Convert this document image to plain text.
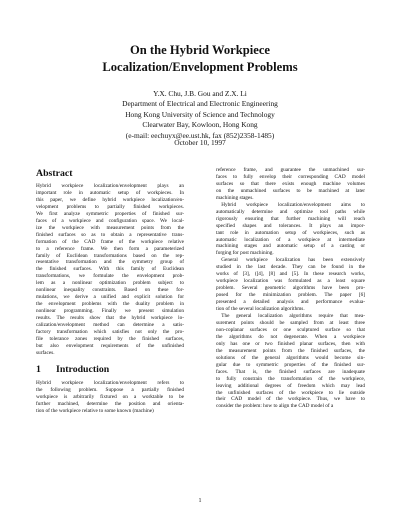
On the Hybrid Workpiece
Localization/Envelopment Problems
Y.X. Chu, J.B. Gou and Z.X. Li
Department of Electrical and Electronic Engineering
Hong Kong University of Science and Technology
Clearwater Bay, Kowloon, Hong Kong
(e-mail: eechuyx@ee.ust.hk, fax (852)2358-1485)
October 10, 1997
Abstract
Hybrid workpiece localization/envelopment plays an
important role in automatic setup of workpieces. In
this paper, we define hybrid workpiece localization/en-
velopment problems to partially finished workpieces.
We first analyze symmetric properties of finished sur-
faces of a workpiece and configuration space. We local-
ize the workpiece with measurement points from the
finished surfaces so as to obtain a representative trans-
formation of the CAD frame of the workpiece relative
to a reference frame. We then form a parameterized
family of Euclidean transformations based on the rep-
resentative transformation and the symmetry group of
the finished surfaces. With this family of Euclidean
transformations, we formulate the envelopment prob-
lem as a nonlinear optimization problem subject to
nonlinear inequality constraints. Based on these for-
mulations, we derive a unified and explicit solution for
the envelopment problems with the duality problem in
nonlinear programming. Finally we present simulation
results. The results show that the hybrid workpiece lo-
calization/envelopment method can determine a satis-
factory transformation which satisfies not only the pro-
file tolerance zones required by the finished surfaces,
but also envelopment requirements of the unfinished
surfaces.
1 Introduction
Hybrid workpiece localization/envelopment refers to
the following problem. Suppose a partially finished
workpiece is arbitrarily fixtured on a worktable to be
further machined, determine the position and orienta-
tion of the workpiece relative to some known (machine)
reference frame, and guarantee the unmachined sur-
faces to fully envelop their corresponding CAD model
surfaces so that there exists enough machine volumes
on the unmachined surfaces to be machined at later
machining stages.
 Hybrid workpiece localization/envelopment aims to
automatically determine and optimize tool paths while
rigorously ensuring that further machining will reach
specified shapes and tolerances. It plays an impor-
tant role in automation setup of workpieces, such as
automatic localization of a workpiece at intermediate
machining stages and automatic setup of a casting or
forging for post machining.
 General workpiece localization has been extensively
studied in the last decade. They can be found in the
works of [3], ([4], [8] and [5]. In these research works,
workpiece localization was formulated as a least square
problem. Several geometric algorithms have been pro-
posed for the minimization problem. The paper [6]
presented a detailed analysis and performance evalua-
tion of the several localization algorithms.
 The general localization algorithms require that mea-
surement points should be sampled from at least three
non-coplanar surfaces or one sculptured surface so that
the algorithms do not degenerate. When a workpiece
only has one or two finished planar surfaces, then with
the measurement points from the finished surfaces, the
solutions of the general algorithms would become sin-
gular due to symmetric properties of the finished sur-
faces. That is, the finished surfaces are inadequate
to fully constrain the transformation of the workpiece,
leaving additional degrees of freedom which may lead
the unfinished surfaces of the workpiece to lie outside
their CAD model of the workpiece. Thus, we have to
consider the problem: how to align the CAD model of a
1
